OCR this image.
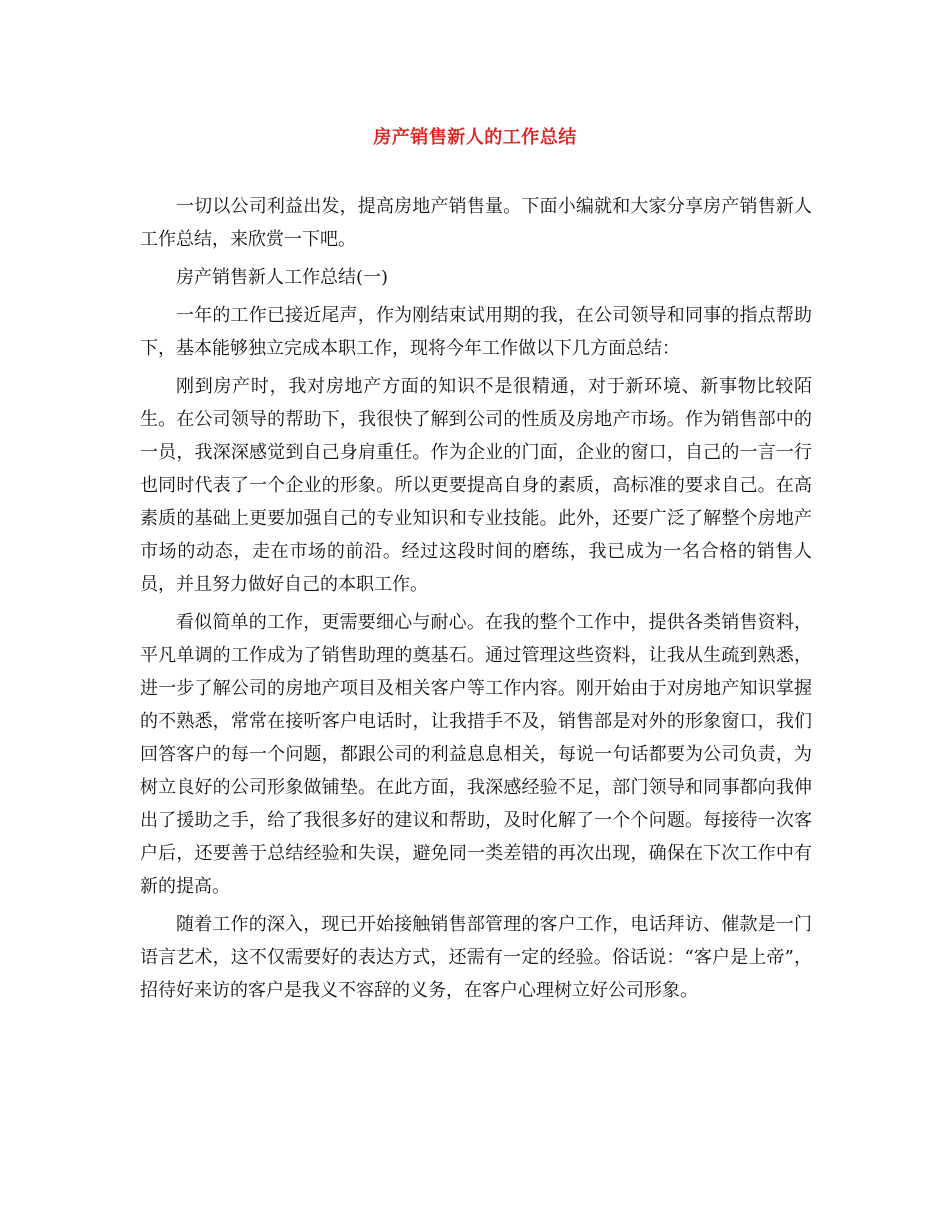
房产销售新人的工作总结

一切以公司利益出发，提高房地产销售量。下面小编就和大家分享房产销售新人工作总结，来欣赏一下吧。

房产销售新人工作总结(一)

一年的工作已接近尾声，作为刚结束试用期的我，在公司领导和同事的指点帮助下，基本能够独立完成本职工作，现将今年工作做以下几方面总结：

刚到房产时，我对房地产方面的知识不是很精通，对于新环境、新事物比较陌生。在公司领导的帮助下，我很快了解到公司的性质及房地产市场。作为销售部中的一员，我深深感觉到自己身肩重任。作为企业的门面，企业的窗口，自己的一言一行也同时代表了一个企业的形象。所以更要提高自身的素质，高标准的要求自己。在高素质的基础上更要加强自己的专业知识和专业技能。此外，还要广泛了解整个房地产市场的动态，走在市场的前沿。经过这段时间的磨练，我已成为一名合格的销售人员，并且努力做好自己的本职工作。

看似简单的工作，更需要细心与耐心。在我的整个工作中，提供各类销售资料，平凡单调的工作成为了销售助理的奠基石。通过管理这些资料，让我从生疏到熟悉，进一步了解公司的房地产项目及相关客户等工作内容。刚开始由于对房地产知识掌握的不熟悉，常常在接听客户电话时，让我措手不及，销售部是对外的形象窗口，我们回答客户的每一个问题，都跟公司的利益息息相关，每说一句话都要为公司负责，为树立良好的公司形象做铺垫。在此方面，我深感经验不足，部门领导和同事都向我伸出了援助之手，给了我很多好的建议和帮助，及时化解了一个个问题。每接待一次客户后，还要善于总结经验和失误，避免同一类差错的再次出现，确保在下次工作中有新的提高。

随着工作的深入，现已开始接触销售部管理的客户工作，电话拜访、催款是一门语言艺术，这不仅需要好的表达方式，还需有一定的经验。俗话说：“客户是上帝”，招待好来访的客户是我义不容辞的义务，在客户心理树立好公司形象。
